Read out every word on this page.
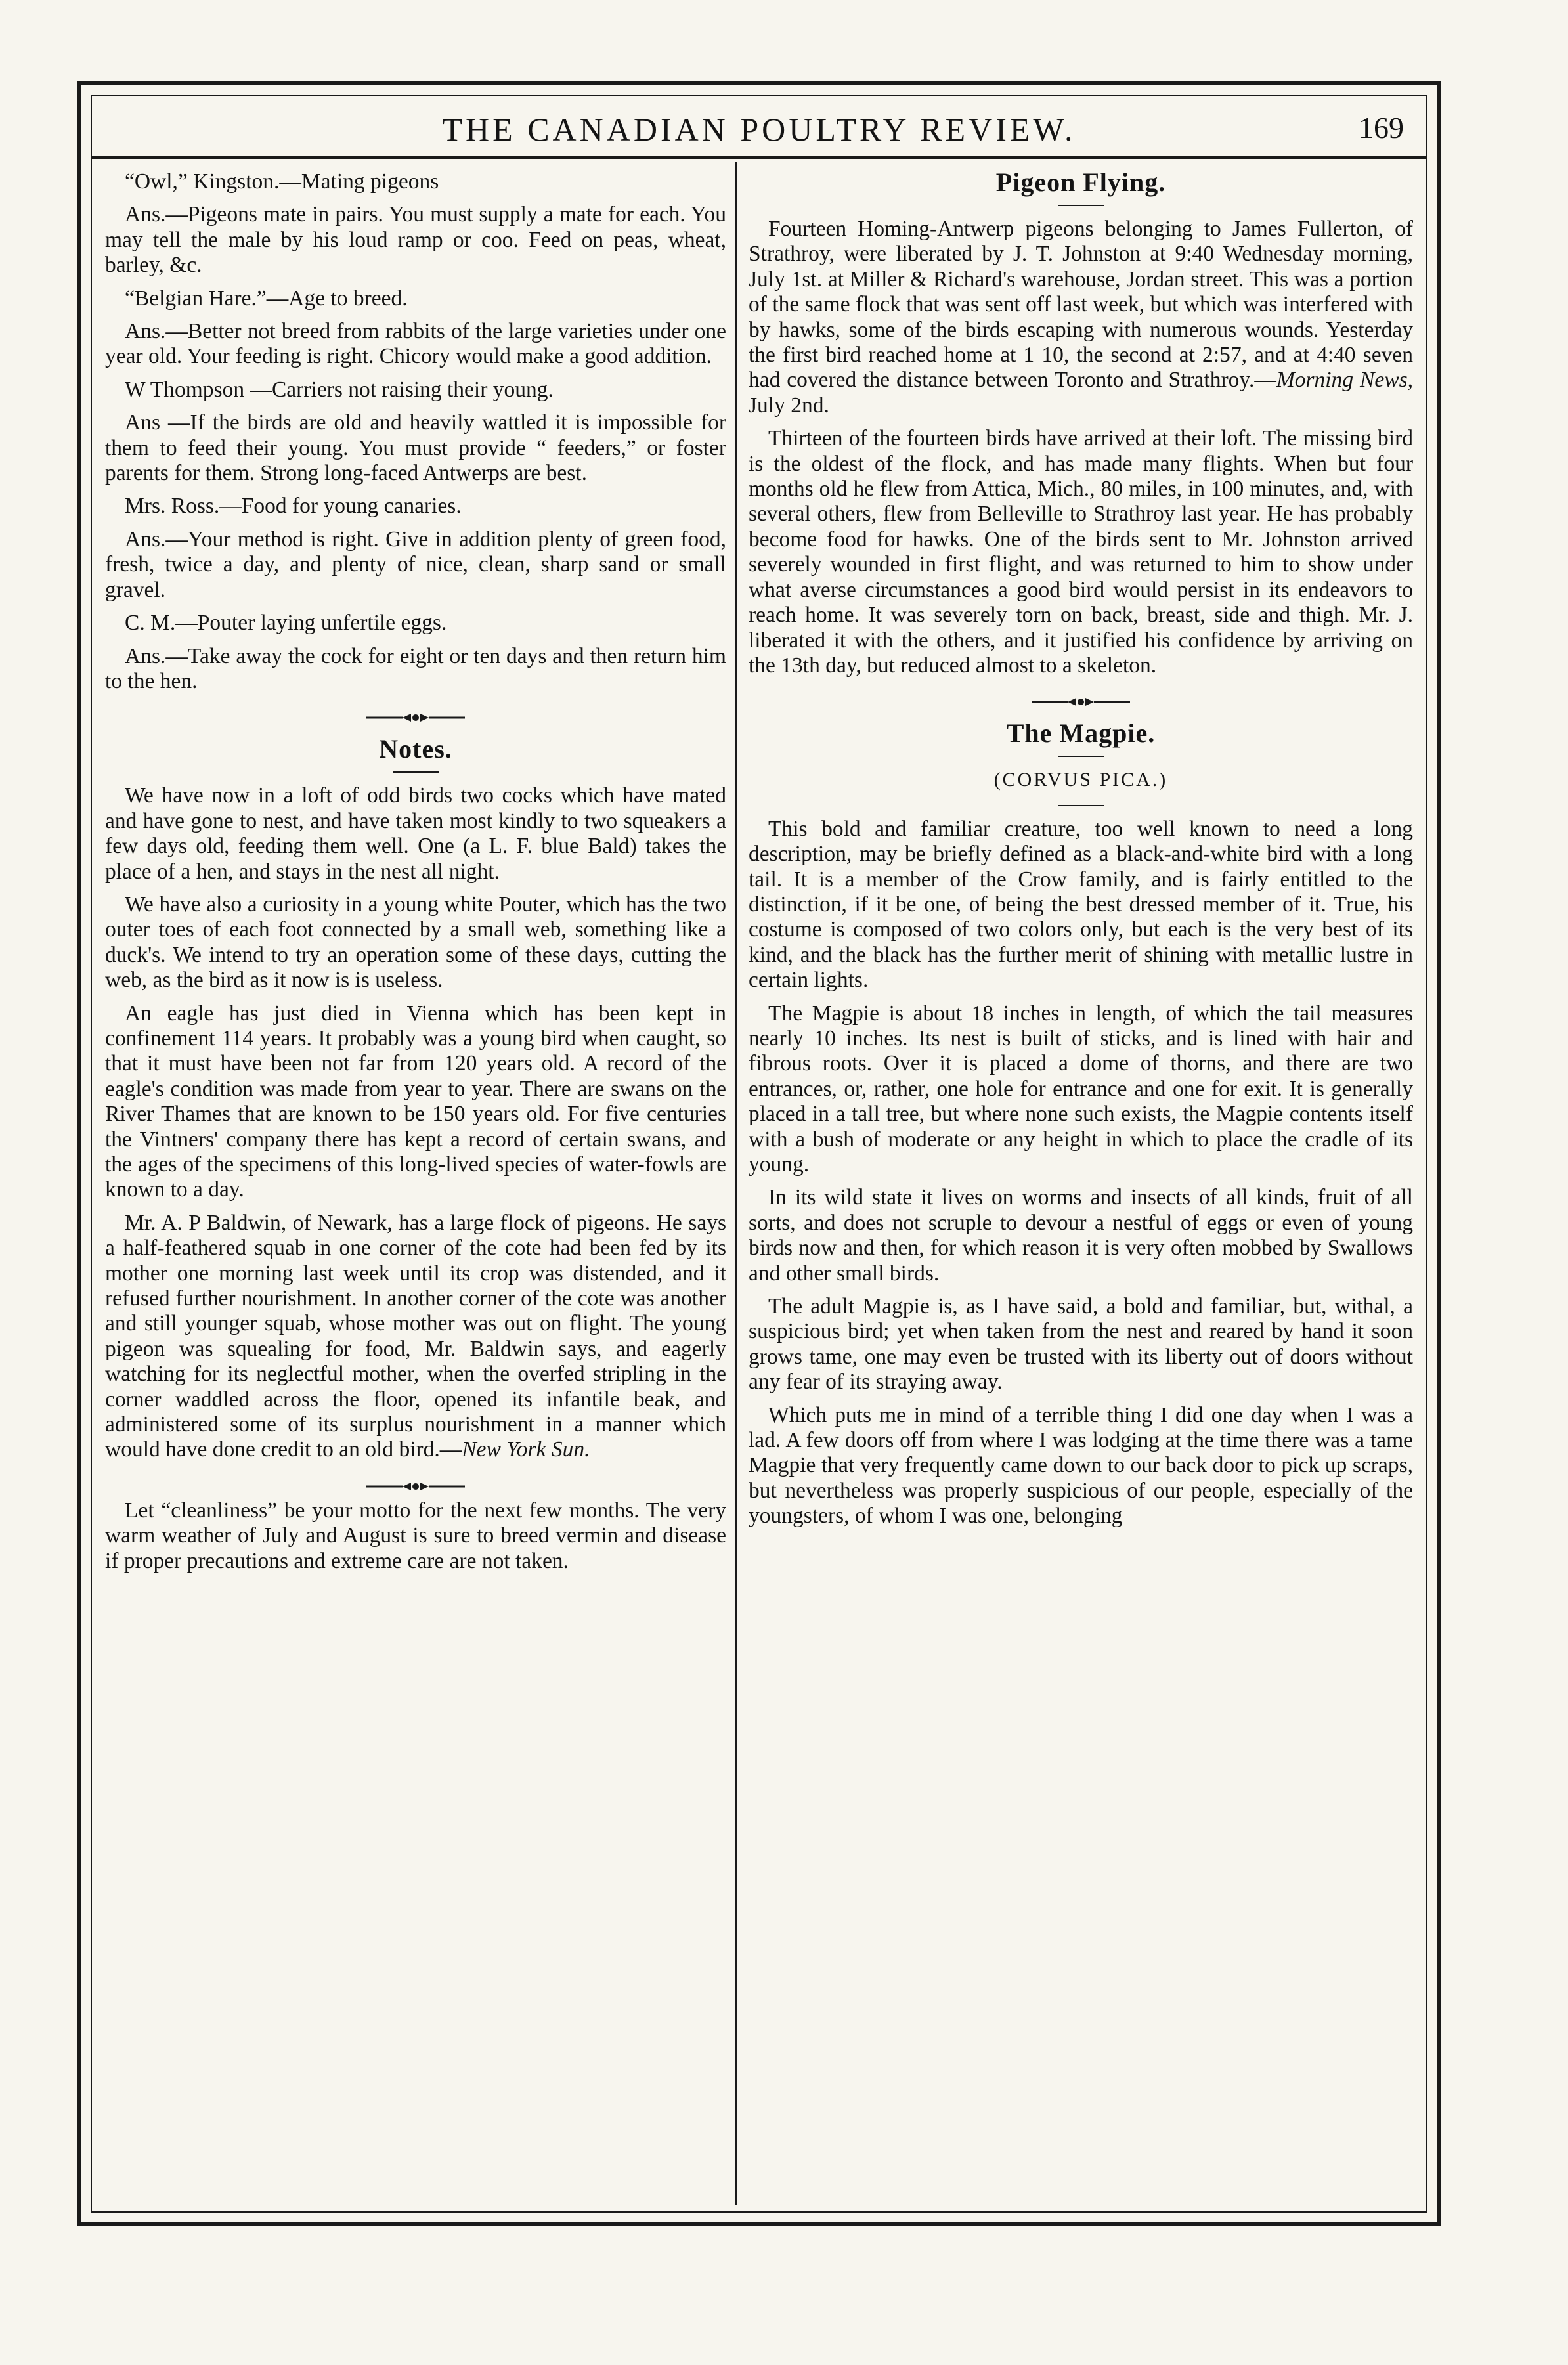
THE CANADIAN POULTRY REVIEW.	169

“Owl,” Kingston.—Mating pigeons

Ans.—Pigeons mate in pairs. You must supply a mate for each. You may tell the male by his loud ramp or coo. Feed on peas, wheat, barley, &c.

“Belgian Hare.”—Age to breed.

Ans.—Better not breed from rabbits of the large varieties under one year old. Your feeding is right. Chicory would make a good addition.

W Thompson —Carriers not raising their young.

Ans —If the birds are old and heavily wattled it is impossible for them to feed their young. You must provide “ feeders,” or foster parents for them. Strong long-faced Antwerps are best.

Mrs. Ross.—Food for young canaries.

Ans.—Your method is right. Give in addition plenty of green food, fresh, twice a day, and plenty of nice, clean, sharp sand or small gravel.

C. M.—Pouter laying unfertile eggs.

Ans.—Take away the cock for eight or ten days and then return him to the hen.

Notes.

We have now in a loft of odd birds two cocks which have mated and have gone to nest, and have taken most kindly to two squeakers a few days old, feeding them well. One (a L. F. blue Bald) takes the place of a hen, and stays in the nest all night.

We have also a curiosity in a young white Pouter, which has the two outer toes of each foot connected by a small web, something like a duck's. We intend to try an operation some of these days, cutting the web, as the bird as it now is is useless.

An eagle has just died in Vienna which has been kept in confinement 114 years. It probably was a young bird when caught, so that it must have been not far from 120 years old. A record of the eagle's condition was made from year to year. There are swans on the River Thames that are known to be 150 years old. For five centuries the Vintners' company there has kept a record of certain swans, and the ages of the specimens of this long-lived species of water-fowls are known to a day.

Mr. A. P Baldwin, of Newark, has a large flock of pigeons. He says a half-feathered squab in one corner of the cote had been fed by its mother one morning last week until its crop was distended, and it refused further nourishment. In another corner of the cote was another and still younger squab, whose mother was out on flight. The young pigeon was squealing for food, Mr. Baldwin says, and eagerly watching for its neglectful mother, when the overfed stripling in the corner waddled across the floor, opened its infantile beak, and administered some of its surplus nourishment in a manner which would have done credit to an old bird.—New York Sun.

Let “cleanliness” be your motto for the next few months. The very warm weather of July and August is sure to breed vermin and disease if proper precautions and extreme care are not taken.

Pigeon Flying.

Fourteen Homing-Antwerp pigeons belonging to James Fullerton, of Strathroy, were liberated by J. T. Johnston at 9:40 Wednesday morning, July 1st. at Miller & Richard's warehouse, Jordan street. This was a portion of the same flock that was sent off last week, but which was interfered with by hawks, some of the birds escaping with numerous wounds. Yesterday the first bird reached home at 1 10, the second at 2:57, and at 4:40 seven had covered the distance between Toronto and Strathroy.—Morning News, July 2nd.

Thirteen of the fourteen birds have arrived at their loft. The missing bird is the oldest of the flock, and has made many flights. When but four months old he flew from Attica, Mich., 80 miles, in 100 minutes, and, with several others, flew from Belleville to Strathroy last year. He has probably become food for hawks. One of the birds sent to Mr. Johnston arrived severely wounded in first flight, and was returned to him to show under what averse circumstances a good bird would persist in its endeavors to reach home. It was severely torn on back, breast, side and thigh. Mr. J. liberated it with the others, and it justified his confidence by arriving on the 13th day, but reduced almost to a skeleton.

The Magpie.
(CORVUS PICA.)

This bold and familiar creature, too well known to need a long description, may be briefly defined as a black-and-white bird with a long tail. It is a member of the Crow family, and is fairly entitled to the distinction, if it be one, of being the best dressed member of it. True, his costume is composed of two colors only, but each is the very best of its kind, and the black has the further merit of shining with metallic lustre in certain lights.

The Magpie is about 18 inches in length, of which the tail measures nearly 10 inches. Its nest is built of sticks, and is lined with hair and fibrous roots. Over it is placed a dome of thorns, and there are two entrances, or, rather, one hole for entrance and one for exit. It is generally placed in a tall tree, but where none such exists, the Magpie contents itself with a bush of moderate or any height in which to place the cradle of its young.

In its wild state it lives on worms and insects of all kinds, fruit of all sorts, and does not scruple to devour a nestful of eggs or even of young birds now and then, for which reason it is very often mobbed by Swallows and other small birds.

The adult Magpie is, as I have said, a bold and familiar, but, withal, a suspicious bird; yet when taken from the nest and reared by hand it soon grows tame, one may even be trusted with its liberty out of doors without any fear of its straying away.

Which puts me in mind of a terrible thing I did one day when I was a lad. A few doors off from where I was lodging at the time there was a tame Magpie that very frequently came down to our back door to pick up scraps, but nevertheless was properly suspicious of our people, especially of the youngsters, of whom I was one, belonging
